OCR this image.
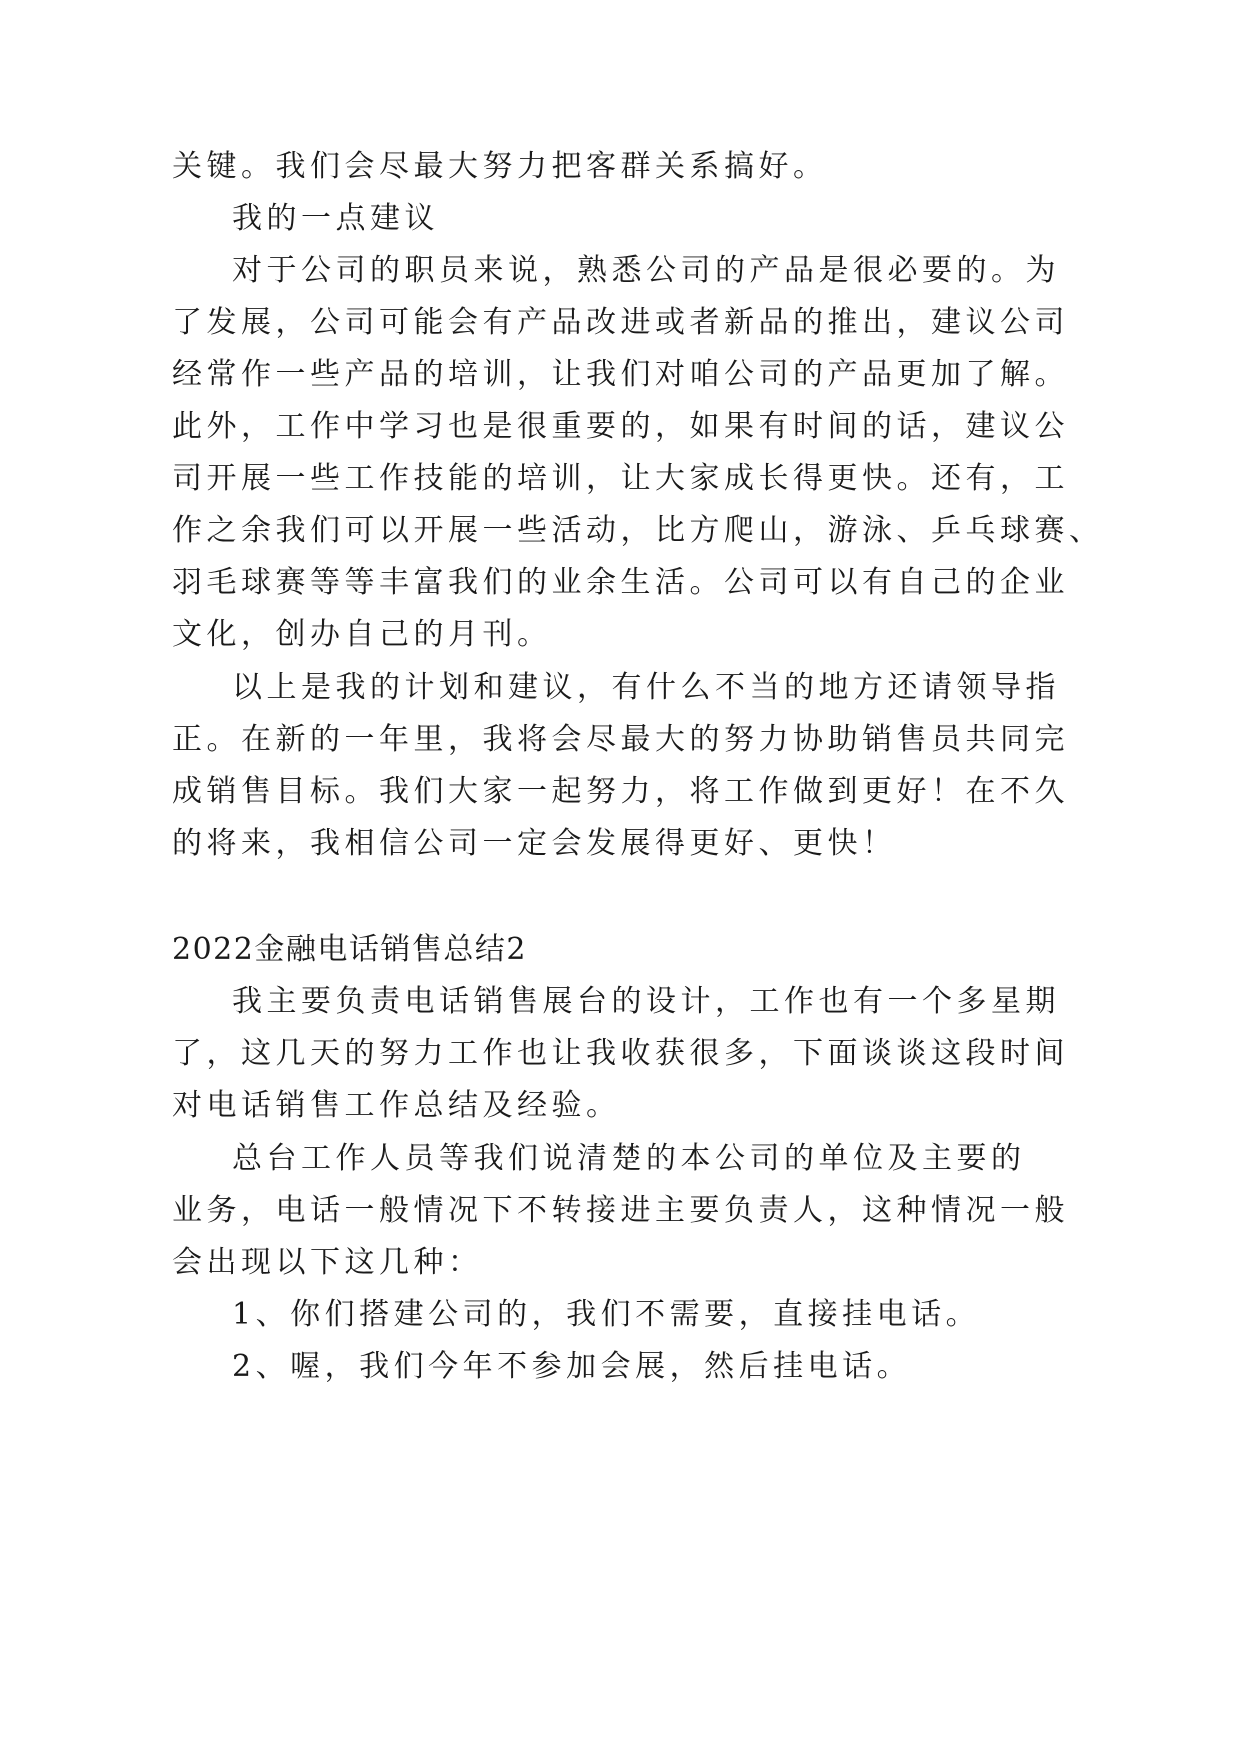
关键。我们会尽最大努力把客群关系搞好。

我的一点建议

对于公司的职员来说，熟悉公司的产品是很必要的。为

了发展，公司可能会有产品改进或者新品的推出，建议公司

经常作一些产品的培训，让我们对咱公司的产品更加了解。

此外，工作中学习也是很重要的，如果有时间的话，建议公

司开展一些工作技能的培训，让大家成长得更快。还有，工

作之余我们可以开展一些活动，比方爬山，游泳、乒乓球赛、

羽毛球赛等等丰富我们的业余生活。公司可以有自己的企业

文化，创办自己的月刊。

以上是我的计划和建议，有什么不当的地方还请领导指

正。在新的一年里，我将会尽最大的努力协助销售员共同完

成销售目标。我们大家一起努力，将工作做到更好！在不久

的将来，我相信公司一定会发展得更好、更快！

2022金融电话销售总结2

我主要负责电话销售展台的设计，工作也有一个多星期

了，这几天的努力工作也让我收获很多，下面谈谈这段时间

对电话销售工作总结及经验。

总台工作人员等我们说清楚的本公司的单位及主要的

业务，电话一般情况下不转接进主要负责人，这种情况一般

会出现以下这几种：

1、你们搭建公司的，我们不需要，直接挂电话。

2、喔，我们今年不参加会展，然后挂电话。
